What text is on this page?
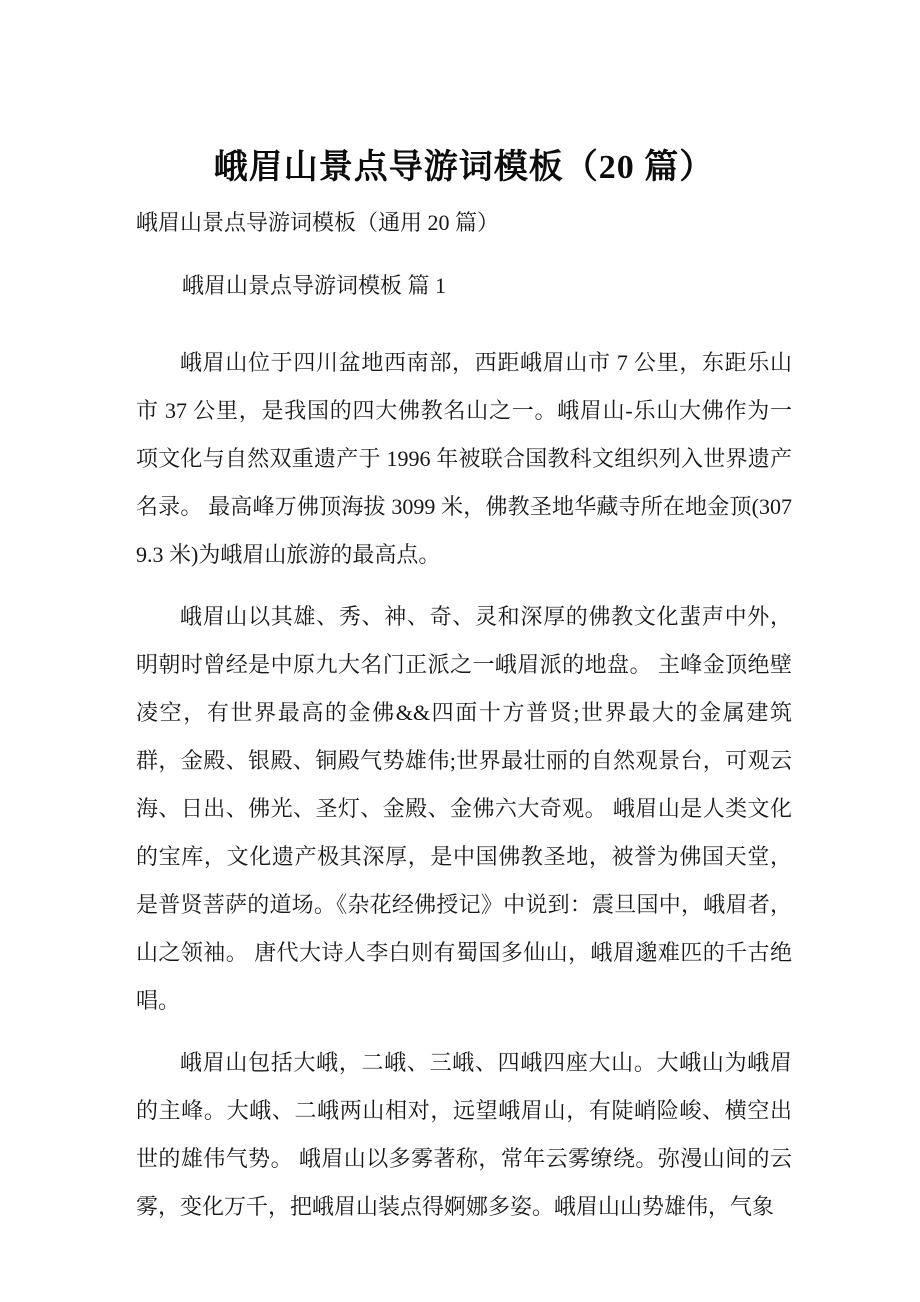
峨眉山景点导游词模板（20 篇）

峨眉山景点导游词模板（通用 20 篇）

峨眉山景点导游词模板 篇 1

峨眉山位于四川盆地西南部，西距峨眉山市 7 公里，东距乐山市 37 公里，是我国的四大佛教名山之一。峨眉山-乐山大佛作为一项文化与自然双重遗产于 1996 年被联合国教科文组织列入世界遗产名录。 最高峰万佛顶海拔 3099 米，佛教圣地华藏寺所在地金顶(3079.3 米)为峨眉山旅游的最高点。

峨眉山以其雄、秀、神、奇、灵和深厚的佛教文化蜚声中外，明朝时曾经是中原九大名门正派之一峨眉派的地盘。 主峰金顶绝壁凌空，有世界最高的金佛&&四面十方普贤;世界最大的金属建筑群，金殿、银殿、铜殿气势雄伟;世界最壮丽的自然观景台，可观云海、日出、佛光、圣灯、金殿、金佛六大奇观。 峨眉山是人类文化的宝库，文化遗产极其深厚，是中国佛教圣地，被誉为佛国天堂，是普贤菩萨的道场。《杂花经佛授记》中说到：震旦国中，峨眉者，山之领袖。 唐代大诗人李白则有蜀国多仙山，峨眉邈难匹的千古绝唱。

峨眉山包括大峨，二峨、三峨、四峨四座大山。大峨山为峨眉的主峰。大峨、二峨两山相对，远望峨眉山，有陡峭险峻、横空出世的雄伟气势。 峨眉山以多雾著称，常年云雾缭绕。弥漫山间的云雾，变化万千，把峨眉山装点得婀娜多姿。峨眉山山势雄伟，气象
